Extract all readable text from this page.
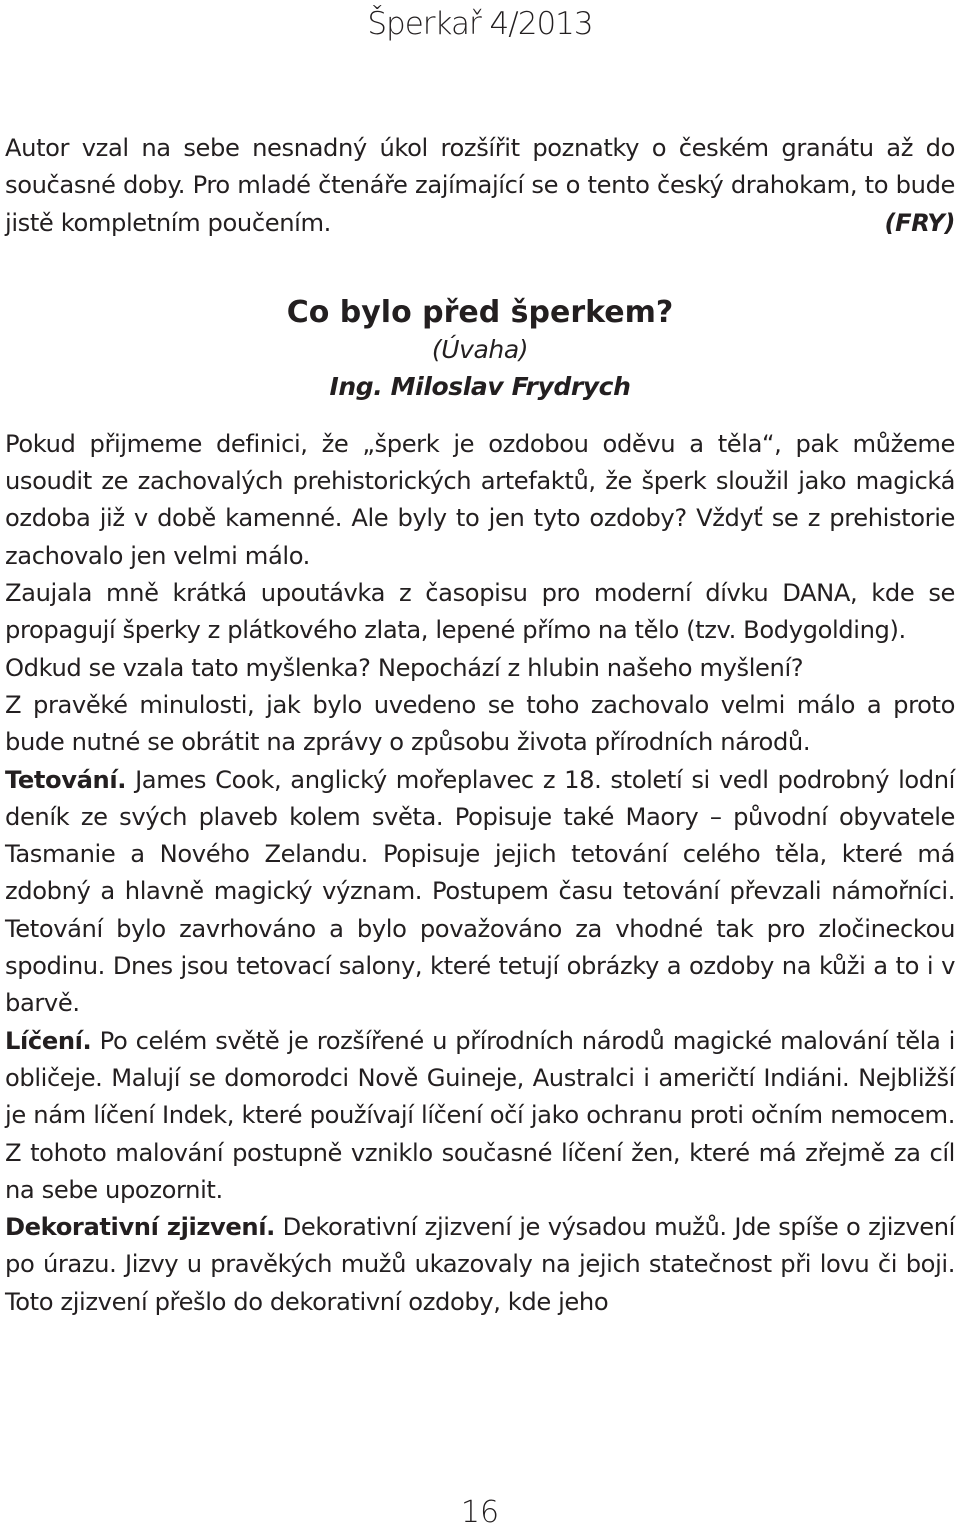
Šperkař 4/2013

Autor vzal na sebe nesnadný úkol rozšířit poznatky o českém granátu až do současné doby. Pro mladé čtenáře zajímající se o tento český drahokam, to bude jistě kompletním poučením.	(FRY)

Co bylo před šperkem?

(Úvaha)

Ing. Miloslav Frydrych

Pokud přijmeme definici, že „šperk je ozdobou oděvu a těla“, pak můžeme usoudit ze zachovalých prehistorických artefaktů, že šperk sloužil jako magická ozdoba již v době kamenné. Ale byly to jen tyto ozdoby? Vždyť se z prehistorie zachovalo jen velmi málo.

Zaujala mně krátká upoutávka z časopisu pro moderní dívku DANA, kde se propagují šperky z plátkového zlata, lepené přímo na tělo (tzv. Bodygolding).

Odkud se vzala tato myšlenka? Nepochází z hlubin našeho myšlení?

Z pravěké minulosti, jak bylo uvedeno se toho zachovalo velmi málo a proto bude nutné se obrátit na zprávy o způsobu života přírodních národů.

Tetování. James Cook, anglický mořeplavec z 18. století si vedl podrobný lodní deník ze svých plaveb kolem světa. Popisuje také Maory – původní obyvatele Tasmanie a Nového Zelandu. Popisuje jejich tetování celého těla, které má zdobný a hlavně magický význam. Postupem času tetování převzali námořníci. Tetování bylo zavrhováno a bylo považováno za vhodné tak pro zločineckou spodinu. Dnes jsou tetovací salony, které tetují obrázky a ozdoby na kůži a to i v barvě.

Líčení. Po celém světě je rozšířené u přírodních národů magické malování těla i obličeje. Malují se domorodci Nově Guineje, Australci i američtí Indiáni. Nejbližší je nám líčení Indek, které používají líčení očí jako ochranu proti očním nemocem. Z tohoto malování postupně vzniklo současné líčení žen, které má zřejmě za cíl na sebe upozornit.

Dekorativní zjizvení. Dekorativní zjizvení je výsadou mužů. Jde spíše o zjizvení po úrazu. Jizvy u pravěkých mužů ukazovaly na jejich statečnost při lovu či boji. Toto zjizvení přešlo do dekorativní ozdoby, kde jeho

16
